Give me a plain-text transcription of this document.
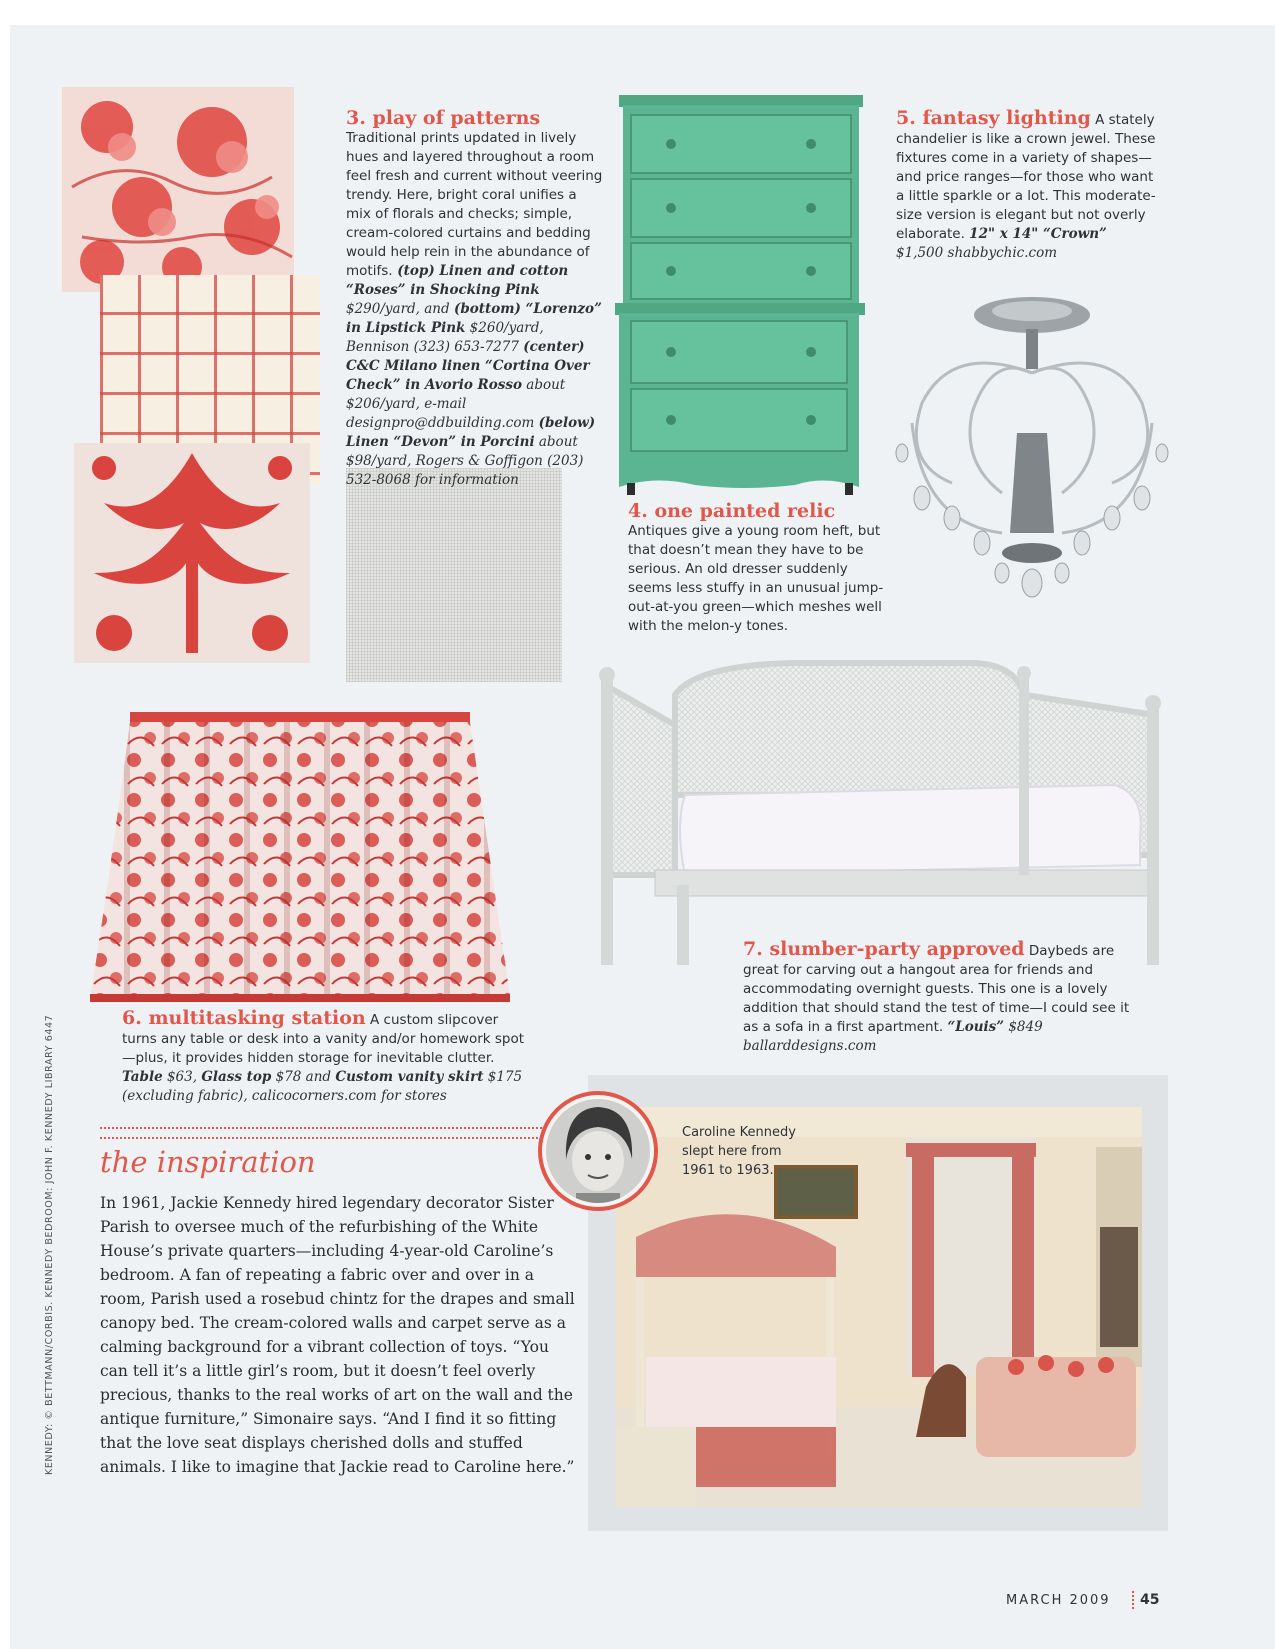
3. play of patterns
Traditional prints updated in lively hues and layered throughout a room feel fresh and current without veering trendy. Here, bright coral unifies a mix of florals and checks; simple, cream-colored curtains and bedding would help rein in the abundance of motifs. (top) Linen and cotton “Roses” in Shocking Pink $290/yard, and (bottom) “Lorenzo” in Lipstick Pink $260/yard, Bennison (323) 653-7277 (center) C&C Milano linen “Cortina Over Check” in Avorio Rosso about $206/yard, e-mail designpro@ddbuilding.com (below) Linen “Devon” in Porcini about $98/yard, Rogers & Goffigon (203) 532-8068 for information
4. one painted relic
Antiques give a young room heft, but that doesn’t mean they have to be serious. An old dresser suddenly seems less stuffy in an unusual jump-out-at-you green—which meshes well with the melon-y tones.
5. fantasy lighting A stately chandelier is like a crown jewel. These fixtures come in a variety of shapes—and price ranges—for those who want a little sparkle or a lot. This moderate-size version is elegant but not overly elaborate. 12" x 14" “Crown” $1,500 shabbychic.com
6. multitasking station A custom slipcover turns any table or desk into a vanity and/or homework spot—plus, it provides hidden storage for inevitable clutter. Table $63, Glass top $78 and Custom vanity skirt $175 (excluding fabric), calicocorners.com for stores
7. slumber-party approved Daybeds are great for carving out a hangout area for friends and accommodating overnight guests. This one is a lovely addition that should stand the test of time—I could see it as a sofa in a first apartment. “Louis” $849 ballarddesigns.com
the inspiration
In 1961, Jackie Kennedy hired legendary decorator Sister Parish to oversee much of the refurbishing of the White House’s private quarters—including 4-year-old Caroline’s bedroom. A fan of repeating a fabric over and over in a room, Parish used a rosebud chintz for the drapes and small canopy bed. The cream-colored walls and carpet serve as a calming background for a vibrant collection of toys. “You can tell it’s a little girl’s room, but it doesn’t feel overly precious, thanks to the real works of art on the wall and the antique furniture,” Simonaire says. “And I find it so fitting that the love seat displays cherished dolls and stuffed animals. I like to imagine that Jackie read to Caroline here.”
Caroline Kennedy slept here from 1961 to 1963.
KENNEDY: © BETTMANN/CORBIS. KENNEDY BEDROOM: JOHN F. KENNEDY LIBRARY 6447
MARCH 2009 45
